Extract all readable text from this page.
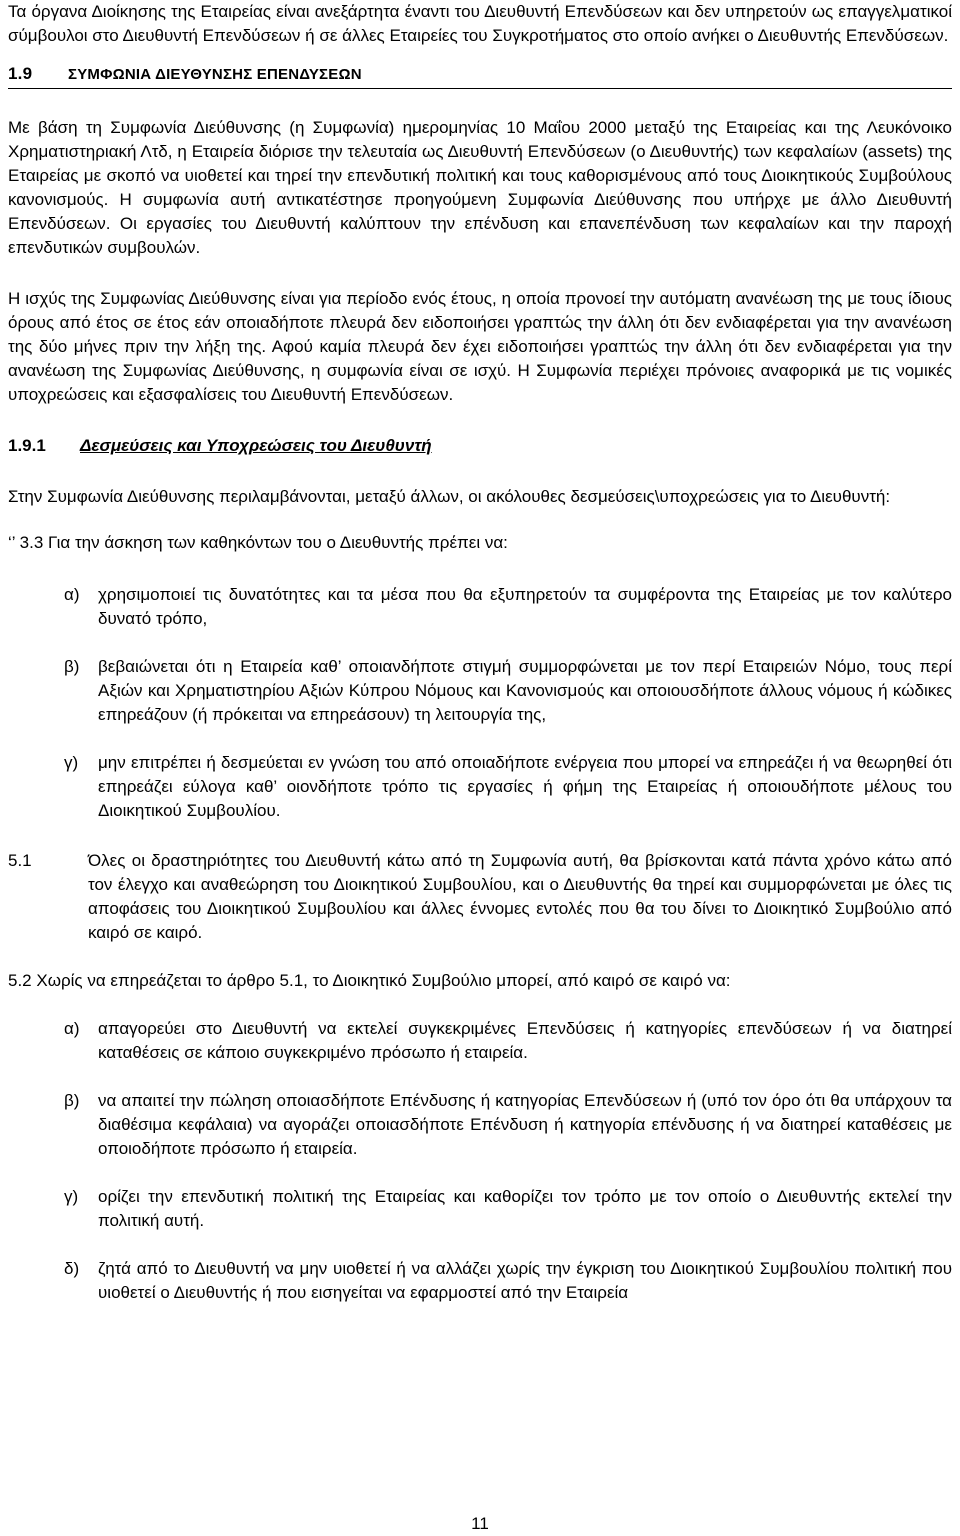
Τα όργανα Διοίκησης της Εταιρείας είναι ανεξάρτητα έναντι του Διευθυντή Επενδύσεων και δεν υπηρετούν ως επαγγελματικοί σύμβουλοι στο Διευθυντή Επενδύσεων ή σε άλλες Εταιρείες του Συγκροτήματος στο οποίο ανήκει ο Διευθυντής Επενδύσεων.

1.9	ΣΥΜΦΩΝΙΑ ΔΙΕΥΘΥΝΣΗΣ ΕΠΕΝΔΥΣΕΩΝ

Με βάση τη Συμφωνία Διεύθυνσης (η Συμφωνία) ημερομηνίας 10 Μαΐου 2000 μεταξύ της Εταιρείας και της Λευκόνοικο Χρηματιστηριακή Λτδ, η Εταιρεία διόρισε την τελευταία ως Διευθυντή Επενδύσεων (ο Διευθυντής) των κεφαλαίων (assets) της Εταιρείας με σκοπό να υιοθετεί και τηρεί την επενδυτική πολιτική και τους καθορισμένους από τους Διοικητικούς Συμβούλους κανονισμούς. Η συμφωνία αυτή αντικατέστησε προηγούμενη Συμφωνία Διεύθυνσης που υπήρχε με άλλο Διευθυντή Επενδύσεων. Οι εργασίες του Διευθυντή καλύπτουν την επένδυση και επανεπένδυση των κεφαλαίων και την παροχή επενδυτικών συμβουλών.

Η ισχύς της Συμφωνίας Διεύθυνσης είναι για περίοδο ενός έτους, η οποία προνοεί την αυτόματη ανανέωση της με τους ίδιους όρους από έτος σε έτος εάν οποιαδήποτε πλευρά δεν ειδοποιήσει γραπτώς την άλλη ότι δεν ενδιαφέρεται για την ανανέωση της δύο μήνες πριν την λήξη της. Αφού καμία πλευρά δεν έχει ειδοποιήσει γραπτώς την άλλη ότι δεν ενδιαφέρεται για την ανανέωση της Συμφωνίας Διεύθυνσης, η συμφωνία είναι σε ισχύ. Η Συμφωνία περιέχει πρόνοιες αναφορικά με τις νομικές υποχρεώσεις και εξασφαλίσεις του Διευθυντή Επενδύσεων.

1.9.1	Δεσμεύσεις και Υποχρεώσεις του Διευθυντή

Στην Συμφωνία Διεύθυνσης περιλαμβάνονται, μεταξύ άλλων, οι ακόλουθες δεσμεύσεις\υποχρεώσεις για το Διευθυντή:

‘’ 3.3 Για την άσκηση των καθηκόντων του ο Διευθυντής πρέπει να:

α)	χρησιμοποιεί τις δυνατότητες και τα μέσα που θα εξυπηρετούν τα συμφέροντα της Εταιρείας με τον καλύτερο δυνατό τρόπο,
β)	βεβαιώνεται ότι η Εταιρεία καθ’ οποιανδήποτε στιγμή συμμορφώνεται με τον περί Εταιρειών Νόμο, τους περί Αξιών και Χρηματιστηρίου Αξιών Κύπρου Νόμους και Κανονισμούς και οποιουσδήποτε άλλους νόμους ή κώδικες επηρεάζουν (ή πρόκειται να επηρεάσουν) τη λειτουργία της,
γ)	μην επιτρέπει ή δεσμεύεται εν γνώση του από οποιαδήποτε ενέργεια που μπορεί να επηρεάζει ή να θεωρηθεί ότι επηρεάζει εύλογα καθ’ οιονδήποτε τρόπο τις εργασίες ή φήμη της Εταιρείας ή οποιουδήποτε μέλους του Διοικητικού Συμβουλίου.
5.1	Όλες οι δραστηριότητες του Διευθυντή κάτω από τη Συμφωνία αυτή, θα βρίσκονται κατά πάντα χρόνο κάτω από τον έλεγχο και αναθεώρηση του Διοικητικού Συμβουλίου, και ο Διευθυντής θα τηρεί και συμμορφώνεται με όλες τις αποφάσεις του Διοικητικού Συμβουλίου και άλλες έννομες εντολές που θα του δίνει το Διοικητικό Συμβούλιο από καιρό σε καιρό.

5.2 Χωρίς να επηρεάζεται το άρθρο 5.1, το Διοικητικό Συμβούλιο μπορεί, από καιρό σε καιρό να:

α)	απαγορεύει στο Διευθυντή να εκτελεί συγκεκριμένες Επενδύσεις ή κατηγορίες επενδύσεων ή να διατηρεί καταθέσεις σε κάποιο συγκεκριμένο πρόσωπο ή εταιρεία.
β)	να απαιτεί την πώληση οποιασδήποτε Επένδυσης ή κατηγορίας Επενδύσεων ή (υπό τον όρο ότι θα υπάρχουν τα διαθέσιμα κεφάλαια) να αγοράζει οποιασδήποτε Επένδυση ή κατηγορία επένδυσης ή να διατηρεί καταθέσεις με οποιοδήποτε πρόσωπο ή εταιρεία.
γ)	ορίζει την επενδυτική πολιτική της Εταιρείας και καθορίζει τον τρόπο με τον οποίο ο Διευθυντής εκτελεί την πολιτική αυτή.
δ)	ζητά από το Διευθυντή να μην υιοθετεί ή να αλλάζει χωρίς την έγκριση του Διοικητικού Συμβουλίου πολιτική που υιοθετεί ο Διευθυντής ή που εισηγείται να εφαρμοστεί από την Εταιρεία
11
